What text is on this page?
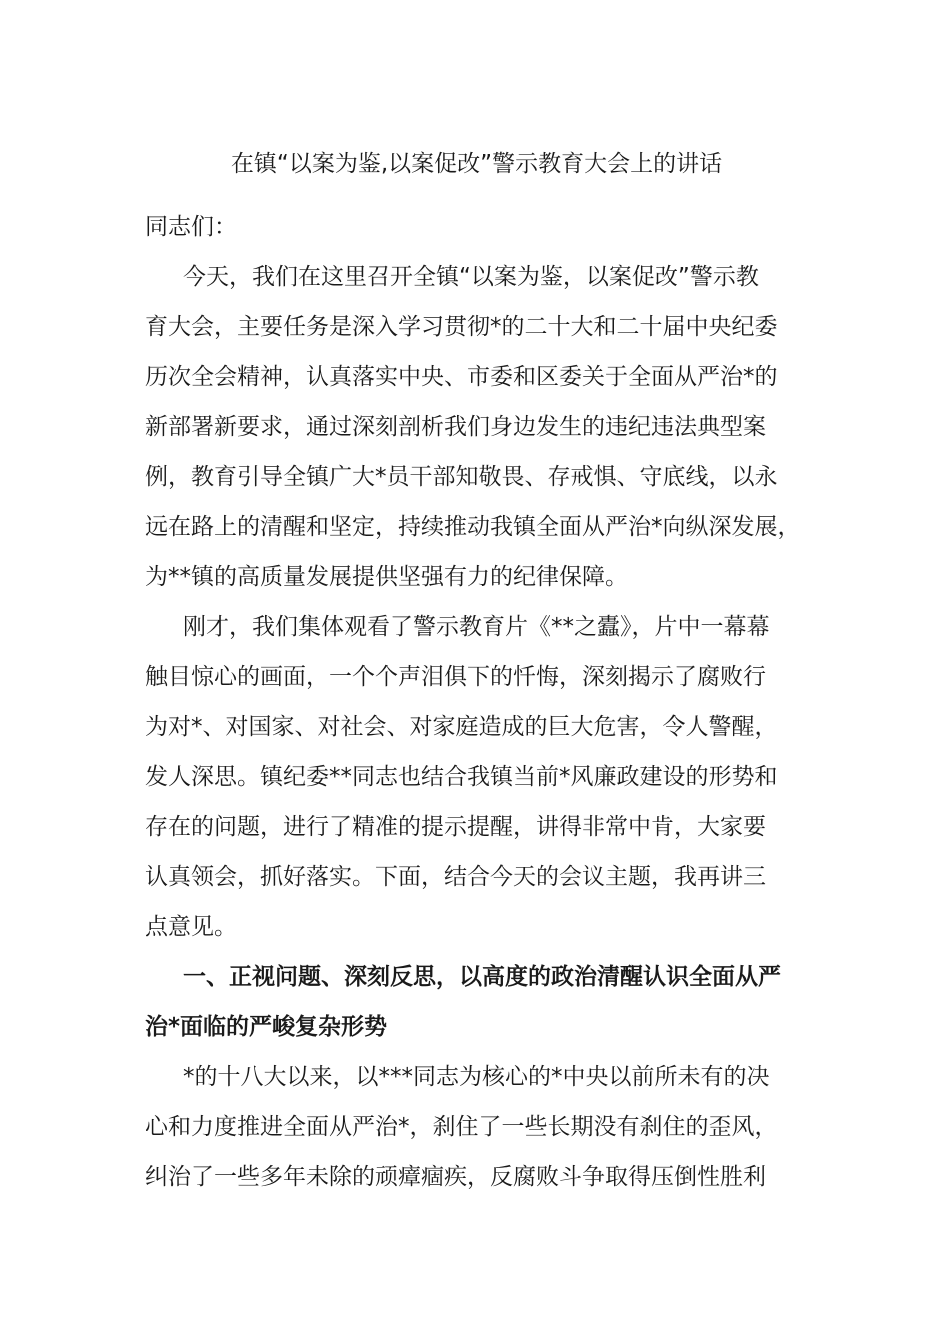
在镇“以案为鉴,以案促改”警示教育大会上的讲话
同志们：
今天，我们在这里召开全镇“以案为鉴，以案促改”警示教
育大会，主要任务是深入学习贯彻*的二十大和二十届中央纪委
历次全会精神，认真落实中央、市委和区委关于全面从严治*的
新部署新要求，通过深刻剖析我们身边发生的违纪违法典型案
例，教育引导全镇广大*员干部知敬畏、存戒惧、守底线，以永
远在路上的清醒和坚定，持续推动我镇全面从严治*向纵深发展，
为**镇的高质量发展提供坚强有力的纪律保障。
刚才，我们集体观看了警示教育片《**之蠹》，片中一幕幕
触目惊心的画面，一个个声泪俱下的忏悔，深刻揭示了腐败行
为对*、对国家、对社会、对家庭造成的巨大危害，令人警醒，
发人深思。镇纪委**同志也结合我镇当前*风廉政建设的形势和
存在的问题，进行了精准的提示提醒，讲得非常中肯，大家要
认真领会，抓好落实。下面，结合今天的会议主题，我再讲三
点意见。
一、正视问题、深刻反思，以高度的政治清醒认识全面从严
治*面临的严峻复杂形势
*的十八大以来，以***同志为核心的*中央以前所未有的决
心和力度推进全面从严治*，刹住了一些长期没有刹住的歪风，
纠治了一些多年未除的顽瘴痼疾，反腐败斗争取得压倒性胜利
